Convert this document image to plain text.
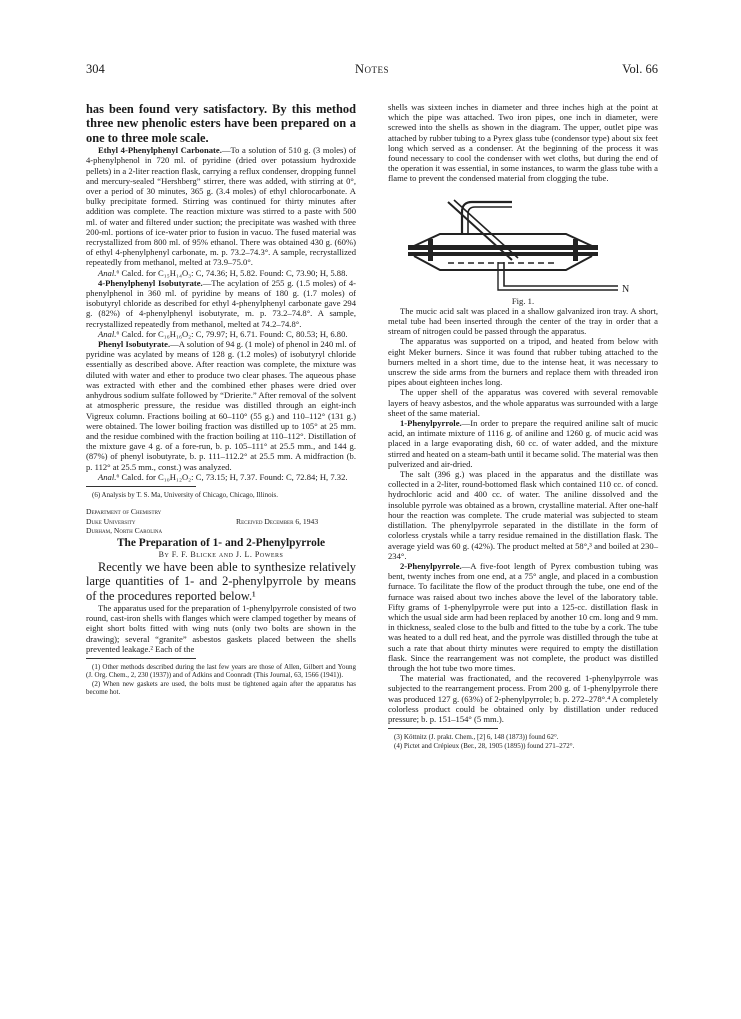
304	Notes	Vol. 66

has been found very satisfactory. By this method three new phenolic esters have been prepared on a one to three mole scale.

Ethyl 4-Phenylphenyl Carbonate.—To a solution of 510 g. (3 moles) of 4-phenylphenol in 720 ml. of pyridine (dried over potassium hydroxide pellets) in a 2-liter reaction flask, carrying a reflux condenser, dropping funnel and mercury-sealed “Hershberg” stirrer, there was added, with stirring at 0°, over a period of 30 minutes, 365 g. (3.4 moles) of ethyl chlorocarbonate. A bulky precipitate formed. Stirring was continued for thirty minutes after addition was complete. The reaction mixture was stirred to a paste with 500 ml. of water and filtered under suction; the precipitate was washed with three 200-ml. portions of ice-water prior to fusion in vacuo. The fused material was recrystallized from 800 ml. of 95% ethanol. There was obtained 430 g. (60%) of ethyl 4-phenylphenyl carbonate, m. p. 73.2–74.3°. A sample, recrystallized repeatedly from methanol, melted at 73.9–75.0°.

Anal.⁶ Calcd. for C₁₅H₁₄O₃: C, 74.36; H, 5.82. Found: C, 73.90; H, 5.88.

4-Phenylphenyl Isobutyrate.—The acylation of 255 g. (1.5 moles) of 4-phenylphenol in 360 ml. of pyridine by means of 180 g. (1.7 moles) of isobutyryl chloride as described for ethyl 4-phenylphenyl carbonate gave 294 g. (82%) of 4-phenylphenyl isobutyrate, m. p. 73.2–74.8°. A sample, recrystallized repeatedly from methanol, melted at 74.2–74.8°.

Anal.⁶ Calcd. for C₁₆H₁₆O₂: C, 79.97; H, 6.71. Found: C, 80.53; H, 6.80.

Phenyl Isobutyrate.—A solution of 94 g. (1 mole) of phenol in 240 ml. of pyridine was acylated by means of 128 g. (1.2 moles) of isobutyryl chloride essentially as described above. After reaction was complete, the mixture was diluted with water and ether to produce two clear phases. The aqueous phase was extracted with ether and the combined ether phases were dried over anhydrous sodium sulfate followed by “Drierite.” After removal of the solvent at atmospheric pressure, the residue was distilled through an eight-inch Vigreux column. Fractions boiling at 60–110° (55 g.) and 110–112° (131 g.) were obtained. The lower boiling fraction was distilled up to 105° at 25 mm. and the residue combined with the fraction boiling at 110–112°. Distillation of the mixture gave 4 g. of a fore-run, b. p. 105–111° at 25.5 mm., and 144 g. (87%) of phenyl isobutyrate, b. p. 111–112.2° at 25.5 mm. A midfraction (b. p. 112° at 25.5 mm., const.) was analyzed.

Anal.⁶ Calcd. for C₁₀H₁₂O₂: C, 73.15; H, 7.37. Found: C, 72.84; H, 7.32.

(6) Analysis by T. S. Ma, University of Chicago, Chicago, Illinois.

Department of Chemistry
Duke University
Durham, North Carolina
Received December 6, 1943

The Preparation of 1- and 2-Phenylpyrrole

By F. F. Blicke and J. L. Powers

Recently we have been able to synthesize relatively large quantities of 1- and 2-phenylpyrrole by means of the procedures reported below.¹

The apparatus used for the preparation of 1-phenylpyrrole consisted of two round, cast-iron shells with flanges which were clamped together by means of eight short bolts fitted with wing nuts (only two bolts are shown in the drawing); several “granite” asbestos gaskets placed between the shells prevented leakage.² Each of the

(1) Other methods described during the last few years are those of Allen, Gilbert and Young (J. Org. Chem., 2, 230 (1937)) and of Adkins and Coonradt (This Journal, 63, 1566 (1941)).

(2) When new gaskets are used, the bolts must be tightened again after the apparatus has become hot.

shells was sixteen inches in diameter and three inches high at the point at which the pipe was attached. Two iron pipes, one inch in diameter, were screwed into the shells as shown in the diagram. The upper, outlet pipe was attached by rubber tubing to a Pyrex glass tube (condensor type) about six feet long which served as a condenser. At the beginning of the process it was found necessary to cool the condenser with wet cloths, but during the end of the operation it was essential, in some instances, to warm the glass tube with a flame to prevent the condensed material from clogging the tube.

N

Fig. 1.

The mucic acid salt was placed in a shallow galvanized iron tray. A short, metal tube had been inserted through the center of the tray in order that a stream of nitrogen could be passed through the apparatus.

The apparatus was supported on a tripod, and heated from below with eight Meker burners. Since it was found that rubber tubing attached to the burners melted in a short time, due to the intense heat, it was necessary to unscrew the side arms from the burners and replace them with threaded iron pipes about eighteen inches long.

The upper shell of the apparatus was covered with several removable layers of heavy asbestos, and the whole apparatus was surrounded with a large sheet of the same material.

1-Phenylpyrrole.—In order to prepare the required aniline salt of mucic acid, an intimate mixture of 1116 g. of aniline and 1260 g. of mucic acid was placed in a large evaporating dish, 60 cc. of water added, and the mixture stirred and heated on a steam-bath until it became solid. The material was then pulverized and air-dried.

The salt (396 g.) was placed in the apparatus and the distillate was collected in a 2-liter, round-bottomed flask which contained 110 cc. of concd. hydrochloric acid and 400 cc. of water. The aniline dissolved and the insoluble pyrrole was obtained as a brown, crystalline material. After one-half hour the reaction was complete. The crude material was subjected to steam distillation. The phenylpyrrole separated in the distillate in the form of colorless crystals while a tarry residue remained in the distillation flask. The average yield was 60 g. (42%). The product melted at 58°,³ and boiled at 230–234°.

2-Phenylpyrrole.—A five-foot length of Pyrex combustion tubing was bent, twenty inches from one end, at a 75° angle, and placed in a combustion furnace. To facilitate the flow of the product through the tube, one end of the furnace was raised about two inches above the level of the laboratory table. Fifty grams of 1-phenylpyrrole were put into a 125-cc. distillation flask in which the usual side arm had been replaced by another 10 cm. long and 9 mm. in thickness, sealed close to the bulb and fitted to the tube by a cork. The tube was heated to a dull red heat, and the pyrrole was distilled through the tube at such a rate that about thirty minutes were required to empty the distillation flask. Since the rearrangement was not complete, the product was distilled through the hot tube two more times.

The material was fractionated, and the recovered 1-phenylpyrrole was subjected to the rearrangement process. From 200 g. of 1-phenylpyrrole there was produced 127 g. (63%) of 2-phenylpyrrole; b. p. 272–278°.⁴ A completely colorless product could be obtained only by distillation under reduced pressure; b. p. 151–154° (5 mm.).

(3) Köttnitz (J. prakt. Chem., [2] 6, 148 (1873)) found 62°.

(4) Pictet and Crépieux (Ber., 28, 1905 (1895)) found 271–272°.
